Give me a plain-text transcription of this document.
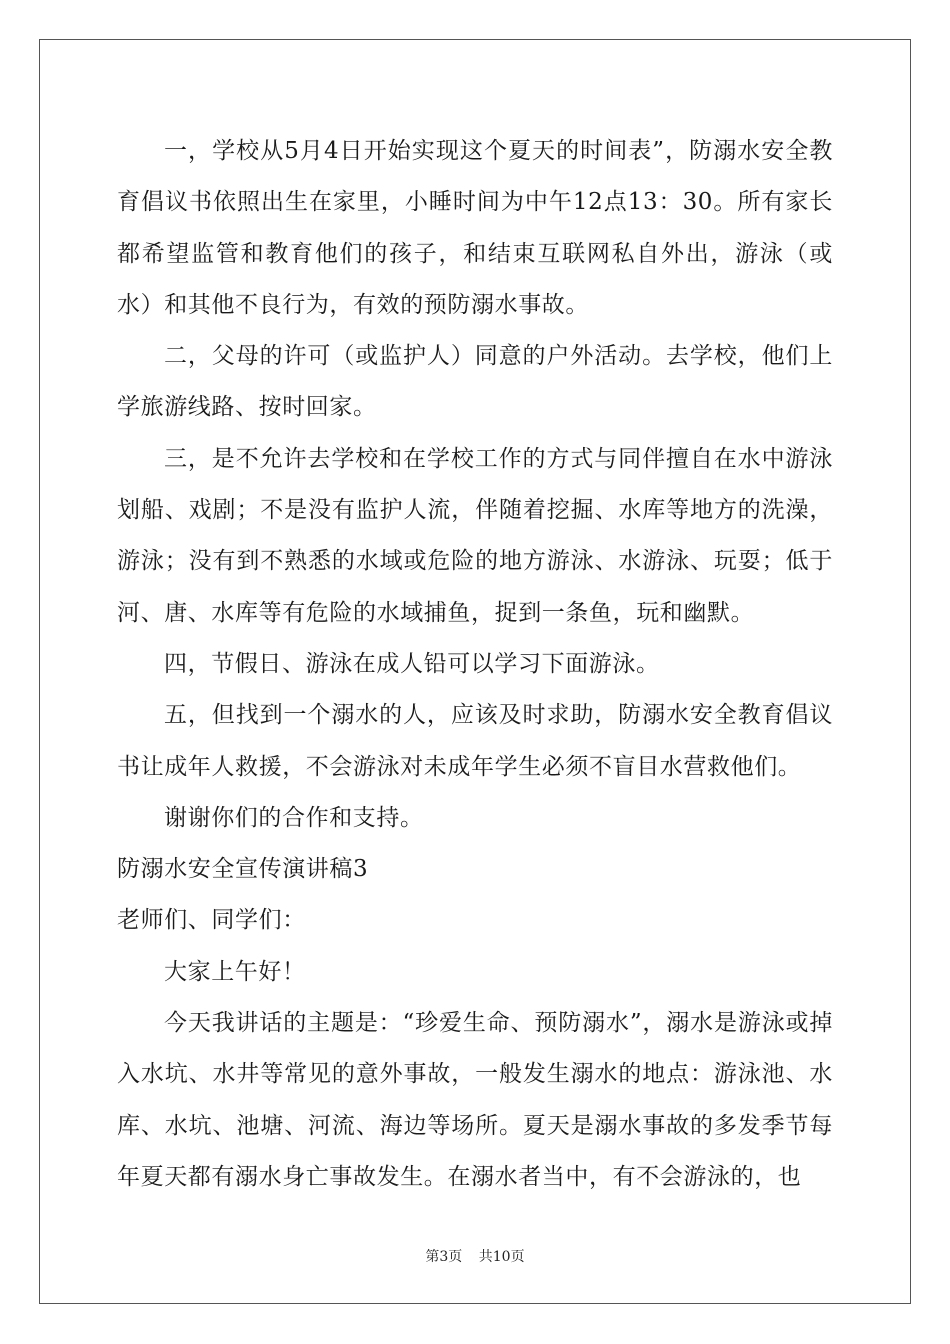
一，学校从5月4日开始实现这个夏天的时间表”，防溺水安全教育倡议书依照出生在家里，小睡时间为中午12点13：30。所有家长都希望监管和教育他们的孩子，和结束互联网私自外出，游泳（或水）和其他不良行为，有效的预防溺水事故。

二，父母的许可（或监护人）同意的户外活动。去学校，他们上学旅游线路、按时回家。

三，是不允许去学校和在学校工作的方式与同伴擅自在水中游泳划船、戏剧；不是没有监护人流，伴随着挖掘、水库等地方的洗澡，游泳；没有到不熟悉的水域或危险的地方游泳、水游泳、玩耍；低于河、唐、水库等有危险的水域捕鱼，捉到一条鱼，玩和幽默。

四，节假日、游泳在成人铅可以学习下面游泳。

五，但找到一个溺水的人，应该及时求助，防溺水安全教育倡议书让成年人救援，不会游泳对未成年学生必须不盲目水营救他们。

谢谢你们的合作和支持。

防溺水安全宣传演讲稿3

老师们、同学们：

大家上午好！

今天我讲话的主题是：“珍爱生命、预防溺水”，溺水是游泳或掉入水坑、水井等常见的意外事故，一般发生溺水的地点：游泳池、水库、水坑、池塘、河流、海边等场所。夏天是溺水事故的多发季节每年夏天都有溺水身亡事故发生。在溺水者当中，有不会游泳的，也

第3页 共10页
